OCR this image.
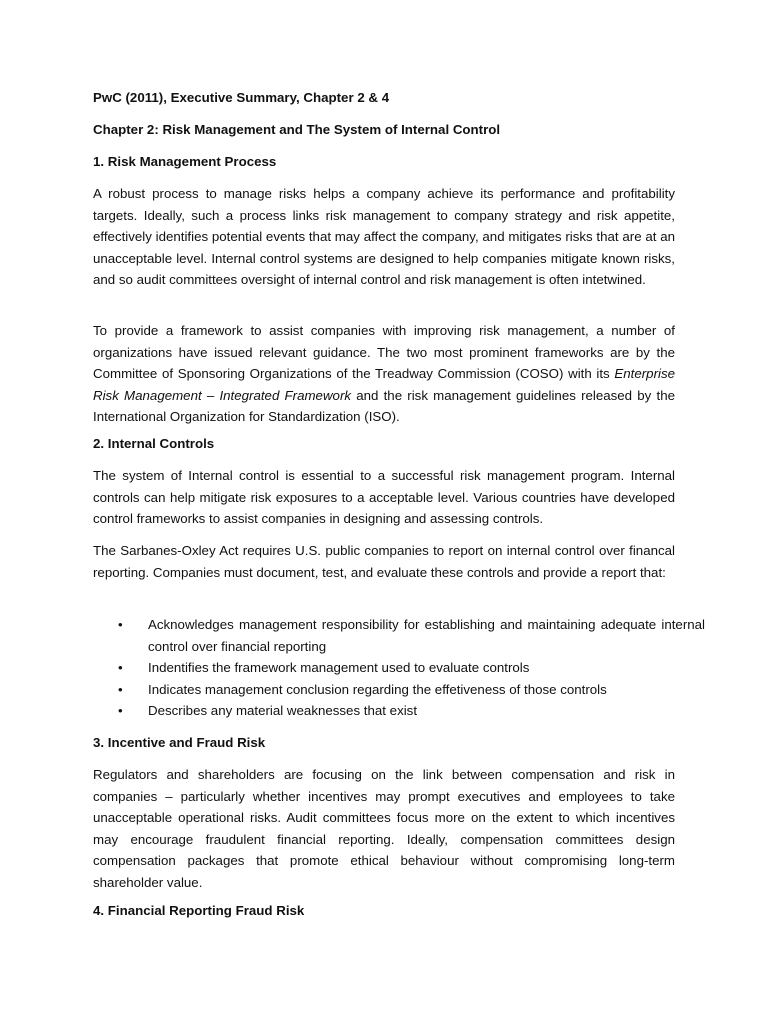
PwC (2011), Executive Summary, Chapter 2 & 4
Chapter 2: Risk Management and The System of Internal Control
1. Risk Management Process
A robust process to manage risks helps a company achieve its performance and profitability targets. Ideally, such a process links risk management to company strategy and risk appetite, effectively identifies potential events that may affect the company, and mitigates risks that are at an unacceptable level. Internal control systems are designed to help companies mitigate known risks, and so audit committees oversight of internal control and risk management is often intetwined.
To provide a framework to assist companies with improving risk management, a number of organizations have issued relevant guidance. The two most prominent frameworks are by the Committee of Sponsoring Organizations of the Treadway Commission (COSO) with its Enterprise Risk Management – Integrated Framework and the risk management guidelines released by the International Organization for Standardization (ISO).
2. Internal Controls
The system of Internal control is essential to a successful risk management program. Internal controls can help mitigate risk exposures to a acceptable level. Various countries have developed control frameworks to assist companies in designing and assessing controls.
The Sarbanes-Oxley Act requires U.S. public companies to report on internal control over financal reporting. Companies must document, test, and evaluate these controls and provide a report that:
• Acknowledges management responsibility for establishing and maintaining adequate internal control over financial reporting
• Indentifies the framework management used to evaluate controls
• Indicates management conclusion regarding the effetiveness of those controls
• Describes any material weaknesses that exist
3. Incentive and Fraud Risk
Regulators and shareholders are focusing on the link between compensation and risk in companies – particularly whether incentives may prompt executives and employees to take unacceptable operational risks. Audit committees focus more on the extent to which incentives may encourage fraudulent financial reporting. Ideally, compensation committees design compensation packages that promote ethical behaviour without compromising long-term shareholder value.
4. Financial Reporting Fraud Risk
